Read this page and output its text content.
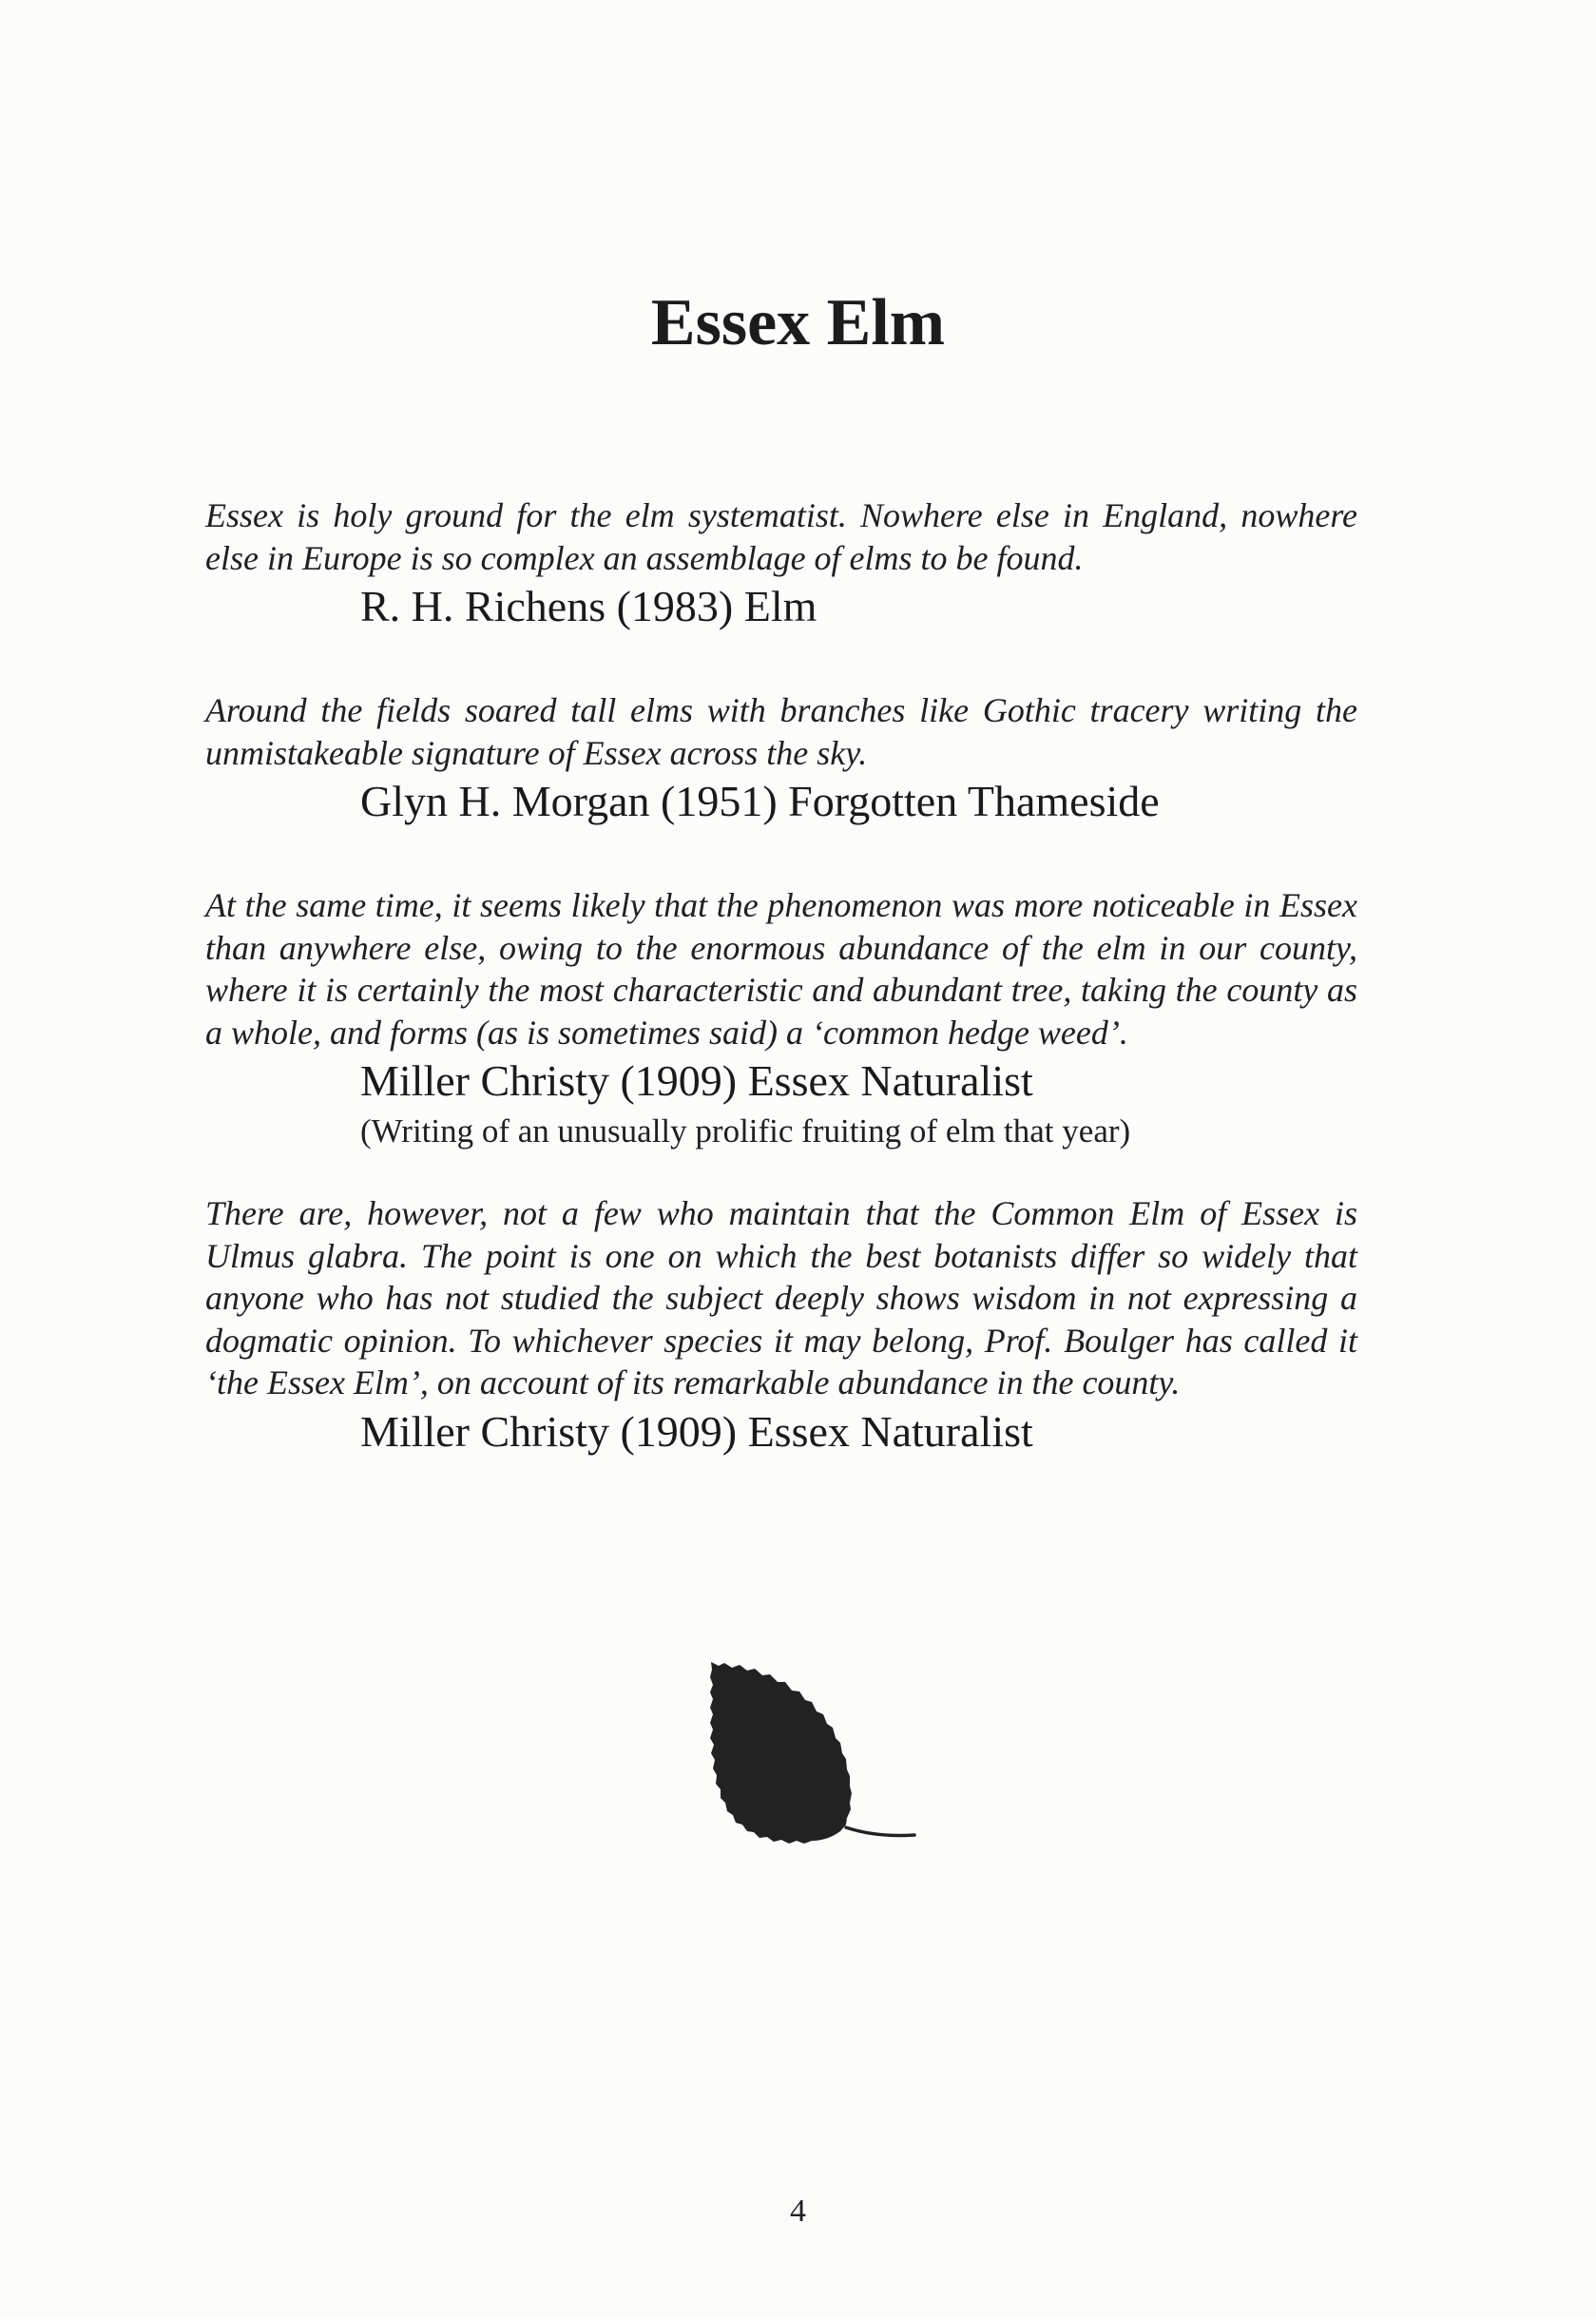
Essex Elm
Essex is holy ground for the elm systematist. Nowhere else in England, nowhere else in Europe is so complex an assemblage of elms to be found.
R. H. Richens (1983) Elm
Around the fields soared tall elms with branches like Gothic tracery writing the unmistakeable signature of Essex across the sky.
Glyn H. Morgan (1951) Forgotten Thameside
At the same time, it seems likely that the phenomenon was more noticeable in Essex than anywhere else, owing to the enormous abundance of the elm in our county, where it is certainly the most characteristic and abundant tree, taking the county as a whole, and forms (as is sometimes said) a ‘common hedge weed’.
Miller Christy (1909) Essex Naturalist
(Writing of an unusually prolific fruiting of elm that year)
There are, however, not a few who maintain that the Common Elm of Essex is Ulmus glabra. The point is one on which the best botanists differ so widely that anyone who has not studied the subject deeply shows wisdom in not expressing a dogmatic opinion. To whichever species it may belong, Prof. Boulger has called it ‘the Essex Elm’, on account of its remarkable abundance in the county.
Miller Christy (1909) Essex Naturalist
4
